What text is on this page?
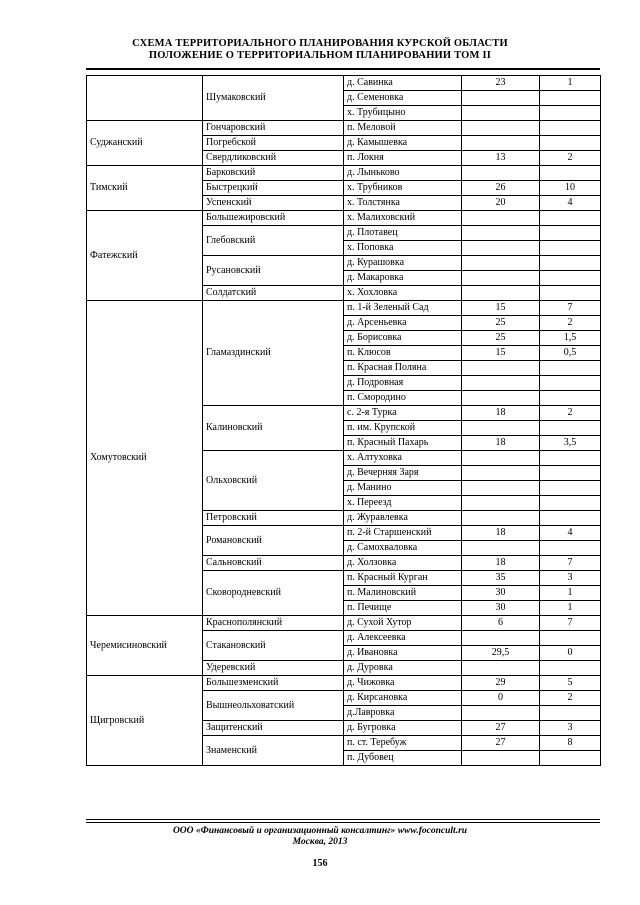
СХЕМА ТЕРРИТОРИАЛЬНОГО ПЛАНИРОВАНИЯ КУРСКОЙ ОБЛАСТИ
ПОЛОЖЕНИЕ О ТЕРРИТОРИАЛЬНОМ ПЛАНИРОВАНИИ ТОМ II
	Шумаковский	д. Савинка	23	1
		д. Семеновка		
		х. Трубицыно		
Суджанский	Гончаровский	п. Меловой		
	Погребской	д. Камышевка		
	Свердликовский	п. Локня	13	2
Тимский	Барковский	д. Лыньково		
	Быстрецкий	х. Трубников	26	10
	Успенский	х. Толстянка	20	4
Фатежский	Большежировский	х. Малиховский		
	Глебовский	д. Плотавец		
		х. Поповка		
	Русановский	д. Курашовка		
		д. Макаровка		
	Солдатский	х. Хохловка		
Хомутовский	Гламаздинский	п. 1-й Зеленый Сад	15	7
		д. Арсеньевка	25	2
		д. Борисовка	25	1,5
		п. Клюсов	15	0,5
		п. Красная Поляна		
		д. Подровная		
		п. Смородино		
	Калиновский	с. 2-я Турка	18	2
		п. им. Крупской		
		п. Красный Пахарь	18	3,5
	Ольховский	х. Алтуховка		
		д. Вечерняя Заря		
		д. Манино		
		х. Переезд		
	Петровский	д. Журавлевка		
	Романовский	п. 2-й Старшенский	18	4
		д. Самохваловка		
	Сальновский	д. Холзовка	18	7
	Сковородневский	п. Красный Курган	35	3
		п. Малиновский	30	1
		п. Печище	30	1
Черемисиновский	Краснополянский	д. Сухой Хутор	6	7
	Стакановский	д. Алексеевка		
		д. Ивановка	29,5	0
	Удеревский	д. Дуровка		
Щигровский	Большезменский	д. Чижовка	29	5
	Вышнеольховатский	д. Кирсановка	0	2
		д.Лавровка		
	Защитенский	д. Бугровка	27	3
	Знаменский	п. ст. Теребуж	27	8
		п. Дубовец		
ООО «Финансовый и организационный консалтинг» www.foconcult.ru
Москва, 2013
156
